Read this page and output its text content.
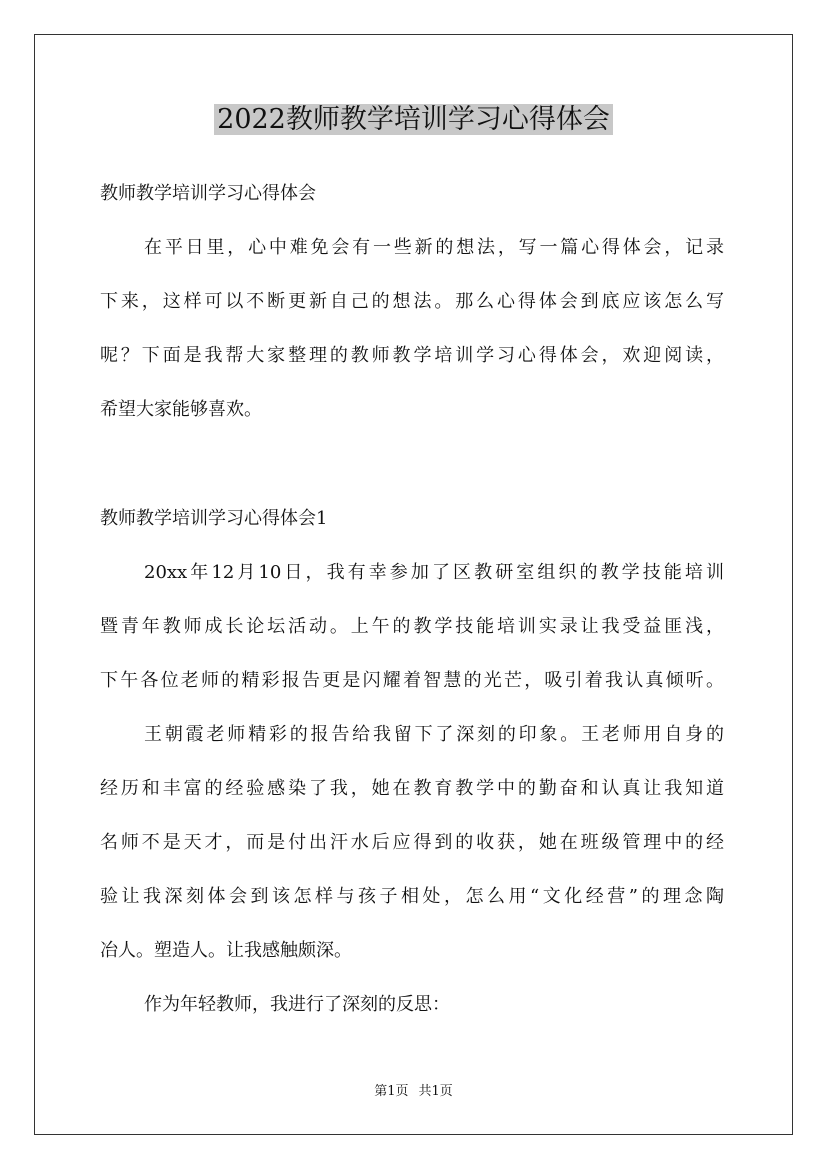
2022教师教学培训学习心得体会

教师教学培训学习心得体会

在平日里，心中难免会有一些新的想法，写一篇心得体会，记录

下来，这样可以不断更新自己的想法。那么心得体会到底应该怎么写

呢？下面是我帮大家整理的教师教学培训学习心得体会，欢迎阅读，

希望大家能够喜欢。

教师教学培训学习心得体会1

20xx年12月10日，我有幸参加了区教研室组织的教学技能培训

暨青年教师成长论坛活动。上午的教学技能培训实录让我受益匪浅，

下午各位老师的精彩报告更是闪耀着智慧的光芒，吸引着我认真倾听。

王朝霞老师精彩的报告给我留下了深刻的印象。王老师用自身的

经历和丰富的经验感染了我，她在教育教学中的勤奋和认真让我知道

名师不是天才，而是付出汗水后应得到的收获，她在班级管理中的经

验让我深刻体会到该怎样与孩子相处，怎么用“文化经营”的理念陶

冶人。塑造人。让我感触颇深。

作为年轻教师，我进行了深刻的反思：

第1页 共1页
